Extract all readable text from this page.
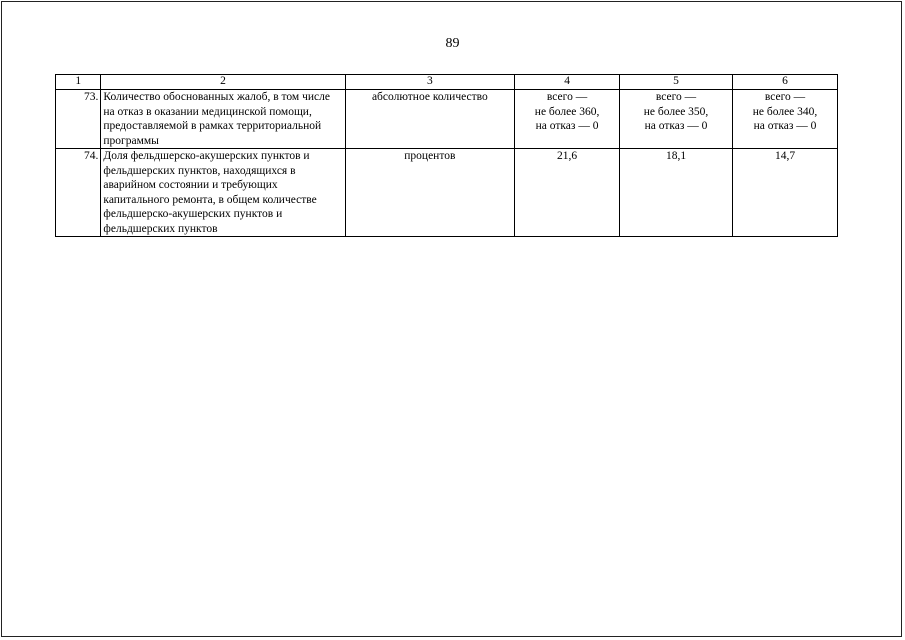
89
1	2	3	4	5	6
73.	Количество обоснованных жалоб, в том числе на отказ в оказании медицинской помощи, предоставляемой в рамках территориальной программы	абсолютное количество	всего —
не более 360,
на отказ — 0	всего —
не более 350,
на отказ — 0	всего —
не более 340,
на отказ — 0

74.	Доля фельдшерско-акушерских пунктов и фельдшерских пунктов, находящихся в аварийном состоянии и требующих капитального ремонта, в общем количестве фельдшерско-акушерских пунктов и фельдшерских пунктов	процентов	21,6	18,1	14,7
